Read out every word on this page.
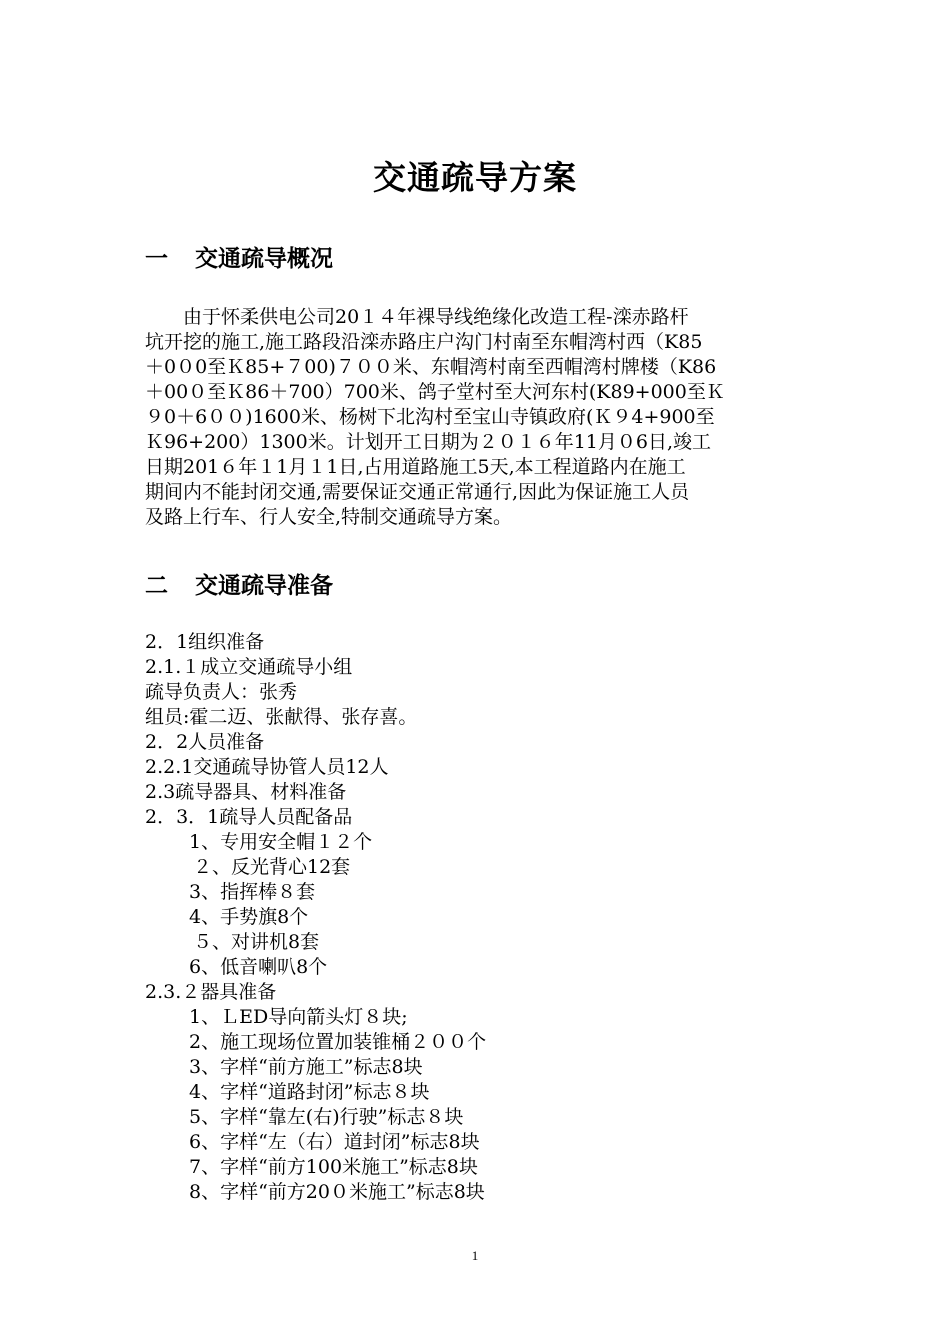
交通疏导方案
一 交通疏导概况
　　由于怀柔供电公司20１４年裸导线绝缘化改造工程-滦赤路杆
坑开挖的施工,施工路段沿滦赤路庄户沟门村南至东帽湾村西（K85
＋0０0至Ｋ85+７00)７００米、东帽湾村南至西帽湾村牌楼（K86
＋00０至Ｋ86＋700）700米、鸽子堂村至大河东村(K89+000至Ｋ
９0＋6００)1600米、杨树下北沟村至宝山寺镇政府(Ｋ９4+900至
Ｋ96+200）1300米。计划开工日期为２０１６年11月０6日,竣工
日期201６年１1月１1日,占用道路施工5天,本工程道路内在施工
期间内不能封闭交通,需要保证交通正常通行,因此为保证施工人员
及路上行车、行人安全,特制交通疏导方案。
二 交通疏导准备
2．1组织准备
2.1.１成立交通疏导小组
疏导负责人：张秀
组员:霍二迈、张献得、张存喜。
2．2人员准备
2.2.1交通疏导协管人员12人
2.3疏导器具、材料准备
2．3．1疏导人员配备品
1、专用安全帽１２个
２、反光背心12套
3、指挥棒８套
4、手势旗8个
５、对讲机8套
6、低音喇叭8个
2.3.２器具准备
1、ＬED导向箭头灯８块;
2、施工现场位置加装锥桶２００个
3、字样“前方施工”标志8块
4、字样“道路封闭”标志８块
5、字样“靠左(右)行驶”标志８块
6、字样“左（右）道封闭”标志8块
7、字样“前方100米施工”标志8块
8、字样“前方20０米施工”标志8块
1
